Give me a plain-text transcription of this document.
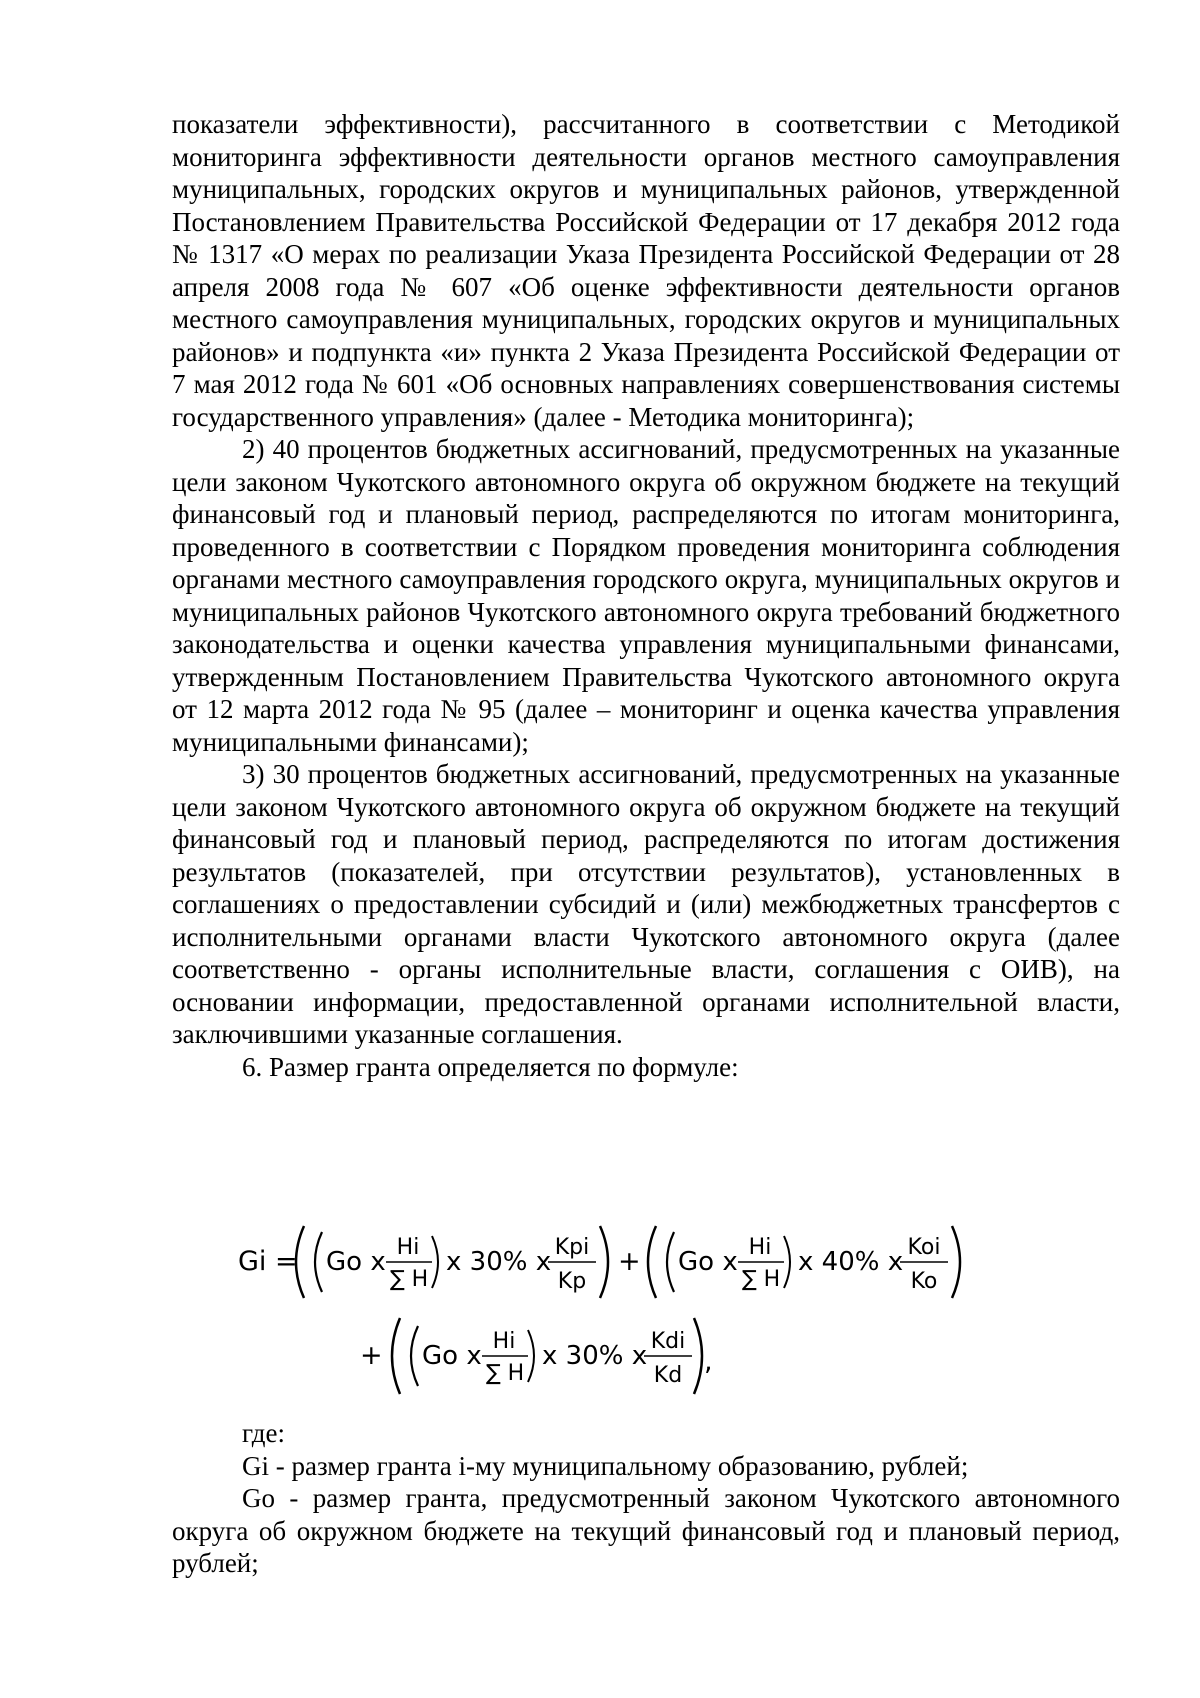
показатели эффективности), рассчитанного в соответствии с Методикой мониторинга эффективности деятельности органов местного самоуправления муниципальных, городских округов и муниципальных районов, утвержденной Постановлением Правительства Российской Федерации от 17 декабря 2012 года № 1317 «О мерах по реализации Указа Президента Российской Федерации от 28 апреля 2008 года № 607 «Об оценке эффективности деятельности органов местного самоуправления муниципальных, городских округов и муниципальных районов» и подпункта «и» пункта 2 Указа Президента Российской Федерации от 7 мая 2012 года № 601 «Об основных направлениях совершенствования системы государственного управления» (далее - Методика мониторинга);

2) 40 процентов бюджетных ассигнований, предусмотренных на указанные цели законом Чукотского автономного округа об окружном бюджете на текущий финансовый год и плановый период, распределяются по итогам мониторинга, проведенного в соответствии с Порядком проведения мониторинга соблюдения органами местного самоуправления городского округа, муниципальных округов и муниципальных районов Чукотского автономного округа требований бюджетного законодательства и оценки качества управления муниципальными финансами, утвержденным Постановлением Правительства Чукотского автономного округа от 12 марта 2012 года № 95 (далее – мониторинг и оценка качества управления муниципальными финансами);

3) 30 процентов бюджетных ассигнований, предусмотренных на указанные цели законом Чукотского автономного округа об окружном бюджете на текущий финансовый год и плановый период, распределяются по итогам достижения результатов (показателей, при отсутствии результатов), установленных в соглашениях о предоставлении субсидий и (или) межбюджетных трансфертов с исполнительными органами власти Чукотского автономного округа (далее соответственно - органы исполнительные власти, соглашения с ОИВ), на основании информации, предоставленной органами исполнительной власти, заключившими указанные соглашения.

6. Размер гранта определяется по формуле:

Gi = Go x Hi
∑ H
x 30% x Kpi
Kp
+ Go x Hi
∑ H
x 40% x Koi
Ko
+ Go x Hi
∑ H
x 30% x Kdi
Kd ,

где:

Gi - размер гранта i-му муниципальному образованию, рублей;

Go - размер гранта, предусмотренный законом Чукотского автономного округа об окружном бюджете на текущий финансовый год и плановый период, рублей;
